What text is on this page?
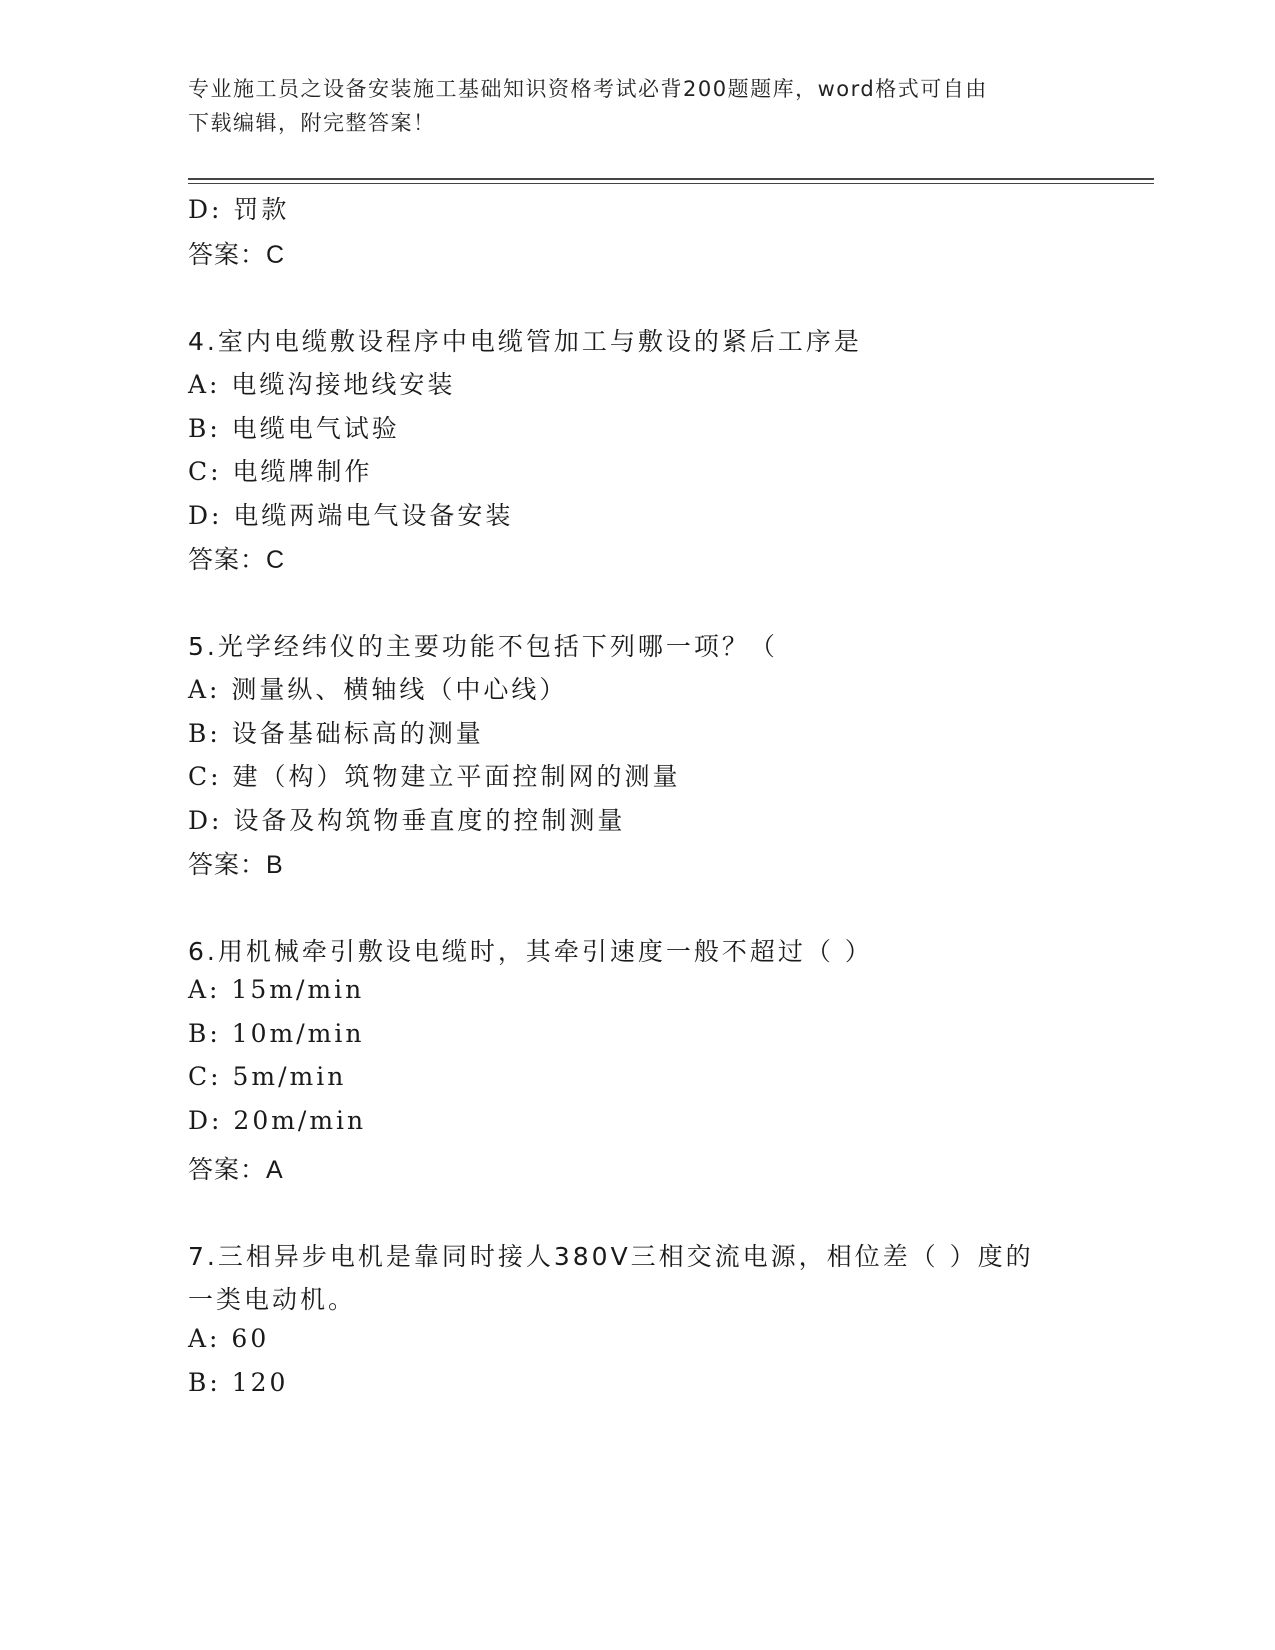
专业施工员之设备安装施工基础知识资格考试必背200题题库，word格式可自由
下载编辑，附完整答案！
D: 罚款
答案：C
4.室内电缆敷设程序中电缆管加工与敷设的紧后工序是
A: 电缆沟接地线安装
B: 电缆电气试验
C: 电缆牌制作
D: 电缆两端电气设备安装
答案：C
5.光学经纬仪的主要功能不包括下列哪一项？（
A: 测量纵、横轴线（中心线）
B: 设备基础标高的测量
C: 建（构）筑物建立平面控制网的测量
D: 设备及构筑物垂直度的控制测量
答案：B
6.用机械牵引敷设电缆时，其牵引速度一般不超过（ ）
A: 15m/min
B: 10m/min
C: 5m/min
D: 20m/min
答案：A
7.三相异步电机是靠同时接人380V三相交流电源，相位差（ ）度的
一类电动机。
A: 60
B: 120
